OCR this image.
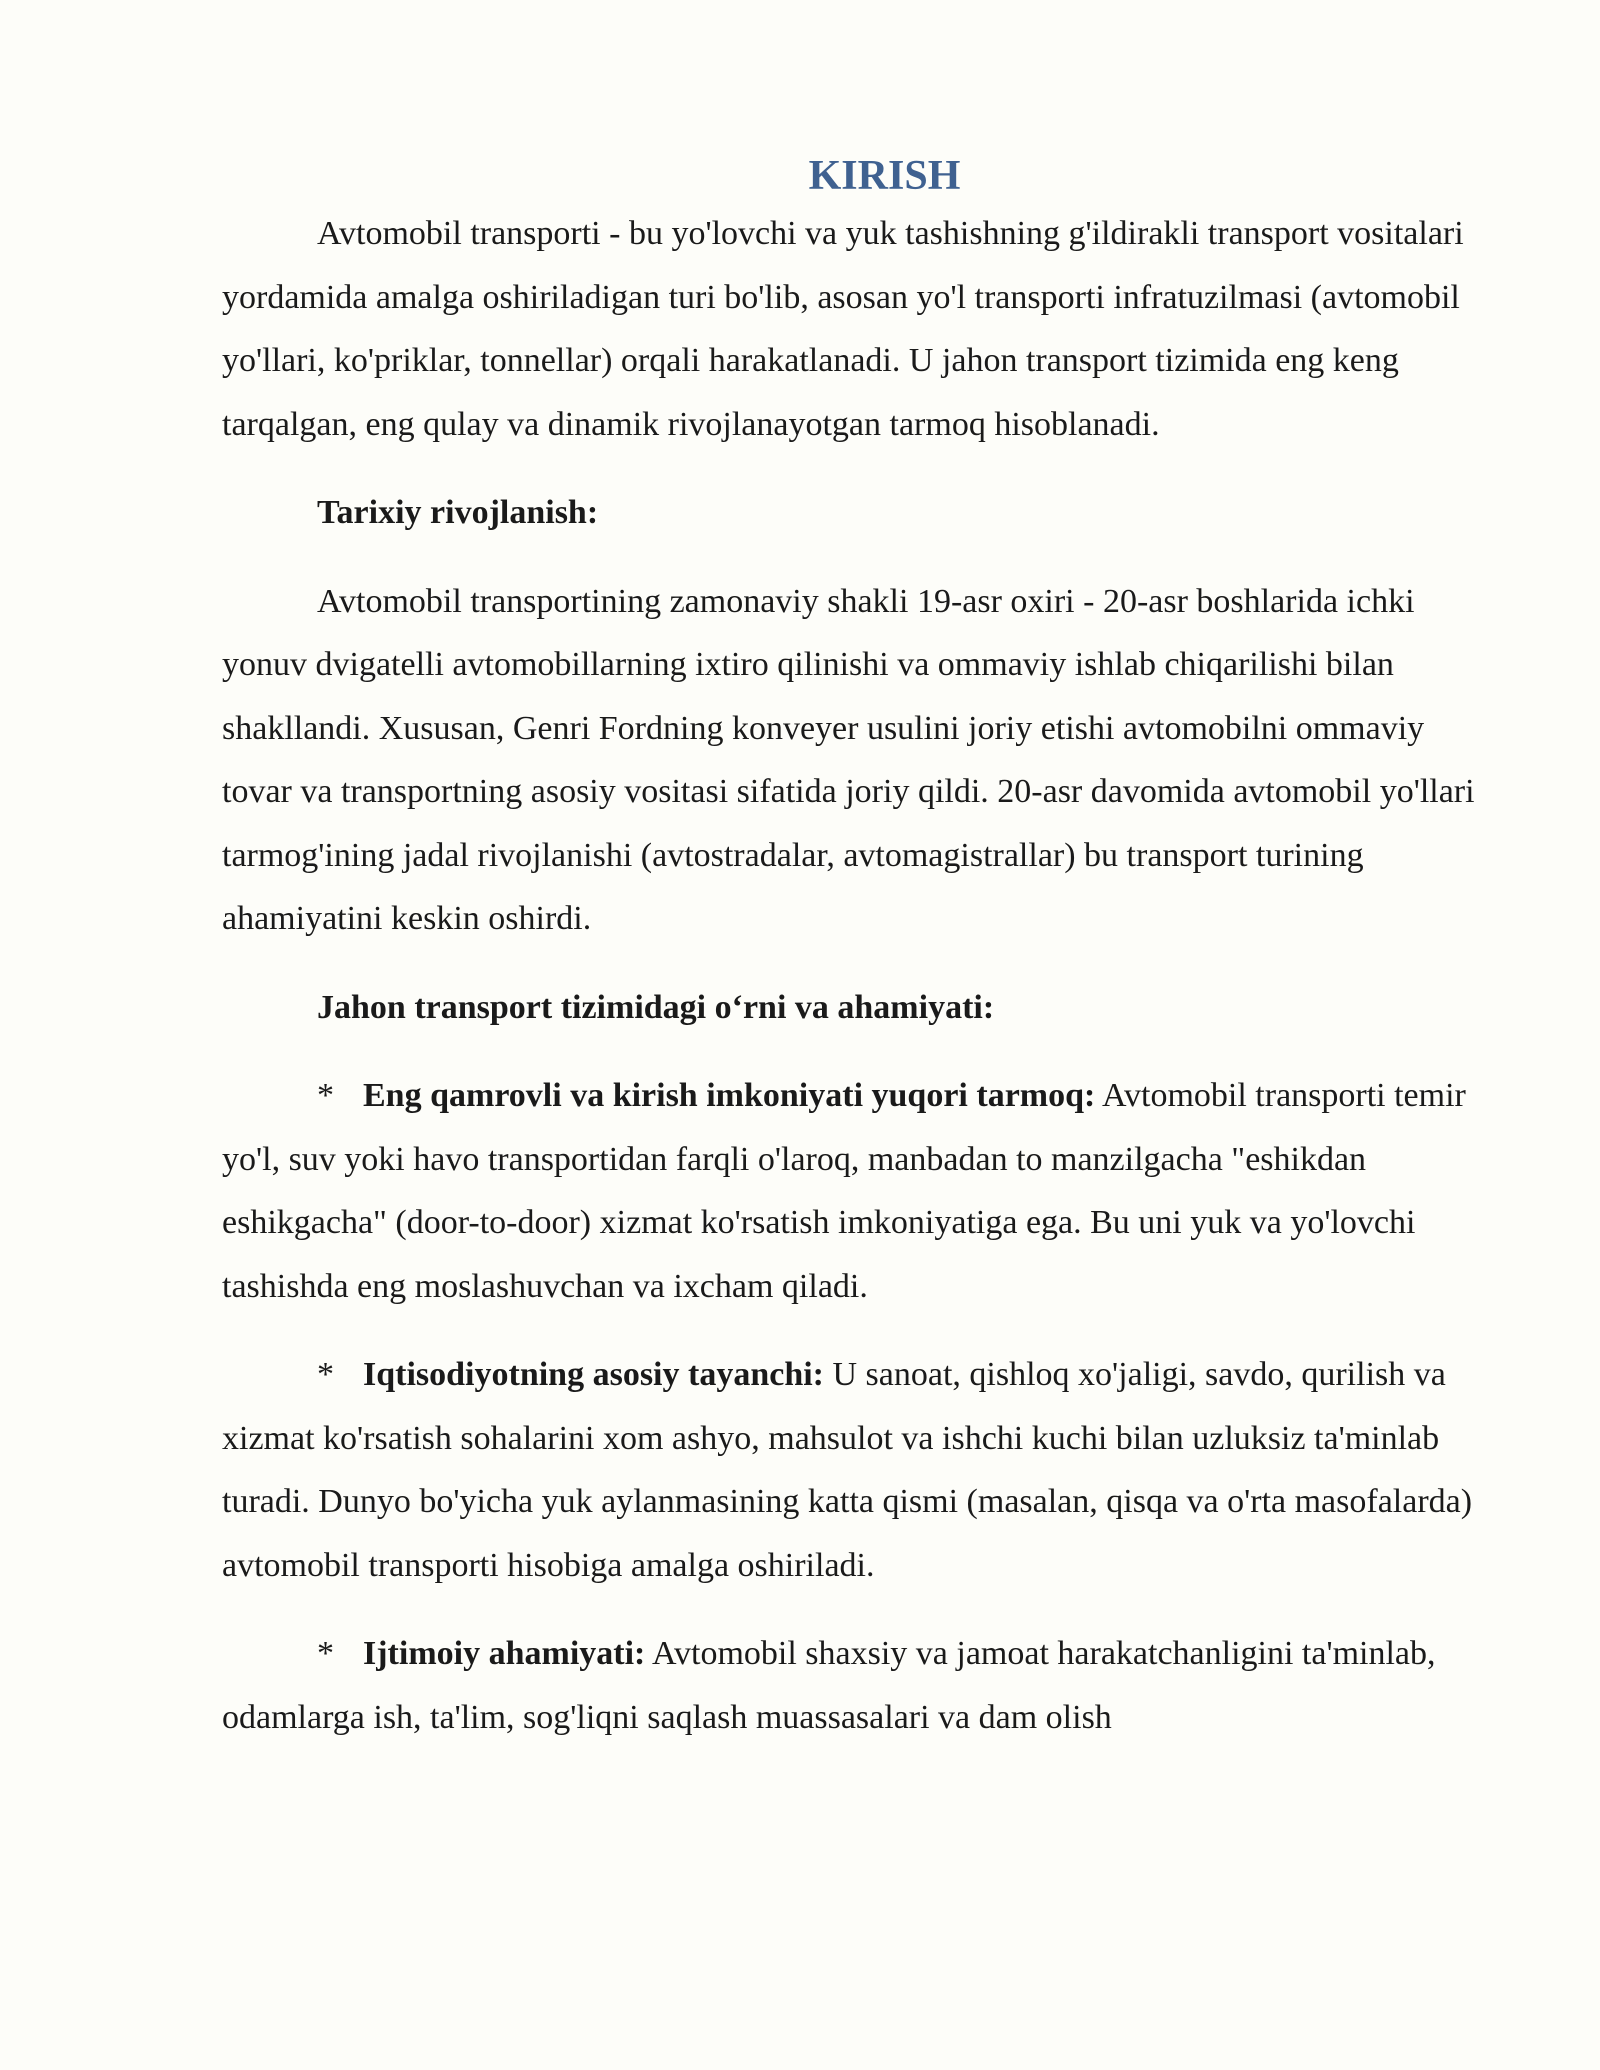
KIRISH

Avtomobil transporti - bu yo'lovchi va yuk tashishning g'ildirakli transport vositalari yordamida amalga oshiriladigan turi bo'lib, asosan yo'l transporti infratuzilmasi (avtomobil yo'llari, ko'priklar, tonnellar) orqali harakatlanadi. U jahon transport tizimida eng keng tarqalgan, eng qulay va dinamik rivojlanayotgan tarmoq hisoblanadi.

Tarixiy rivojlanish:

Avtomobil transportining zamonaviy shakli 19-asr oxiri - 20-asr boshlarida ichki yonuv dvigatelli avtomobillarning ixtiro qilinishi va ommaviy ishlab chiqarilishi bilan shakllandi. Xususan, Genri Fordning konveyer usulini joriy etishi avtomobilni ommaviy tovar va transportning asosiy vositasi sifatida joriy qildi. 20-asr davomida avtomobil yo'llari tarmog'ining jadal rivojlanishi (avtostradalar, avtomagistrallar) bu transport turining ahamiyatini keskin oshirdi.

Jahon transport tizimidagi o‘rni va ahamiyati:

* Eng qamrovli va kirish imkoniyati yuqori tarmoq: Avtomobil transporti temir yo'l, suv yoki havo transportidan farqli o'laroq, manbadan to manzilgacha "eshikdan eshikgacha" (door-to-door) xizmat ko'rsatish imkoniyatiga ega. Bu uni yuk va yo'lovchi tashishda eng moslashuvchan va ixcham qiladi.

* Iqtisodiyotning asosiy tayanchi: U sanoat, qishloq xo'jaligi, savdo, qurilish va xizmat ko'rsatish sohalarini xom ashyo, mahsulot va ishchi kuchi bilan uzluksiz ta'minlab turadi. Dunyo bo'yicha yuk aylanmasining katta qismi (masalan, qisqa va o'rta masofalarda) avtomobil transporti hisobiga amalga oshiriladi.

* Ijtimoiy ahamiyati: Avtomobil shaxsiy va jamoat harakatchanligini ta'minlab, odamlarga ish, ta'lim, sog'liqni saqlash muassasalari va dam olish
